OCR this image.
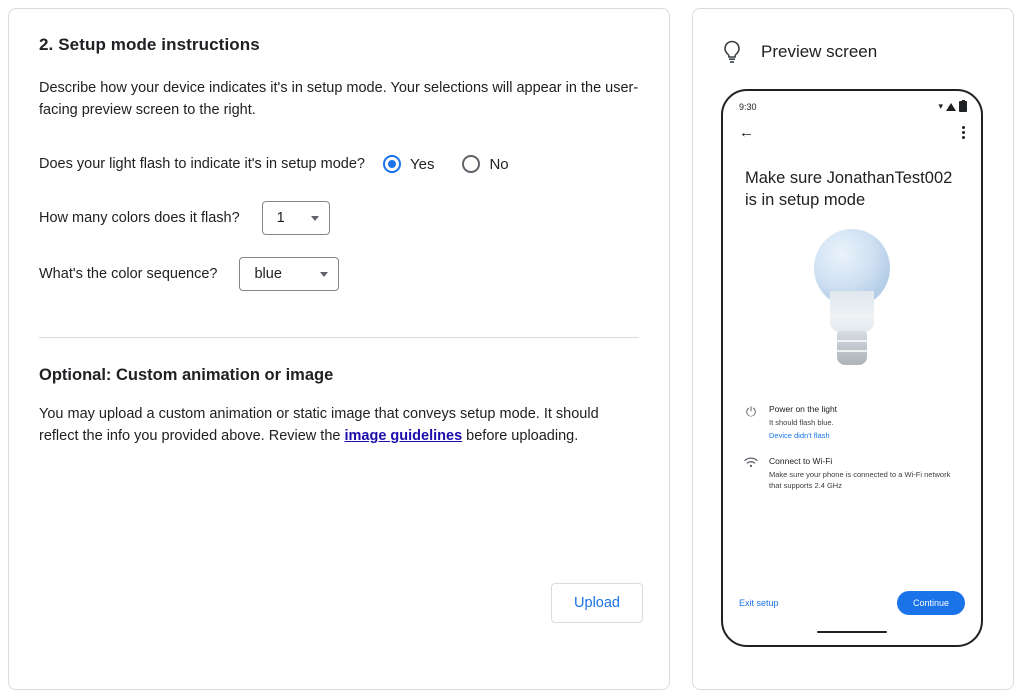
2. Setup mode instructions

Describe how your device indicates it's in setup mode. Your selections will appear in the user-facing preview screen to the right.

Does your light flash to indicate it's in setup mode?	Yes	No
How many colors does it flash?	1
What's the color sequence?	blue
Optional: Custom animation or image

You may upload a custom animation or static image that conveys setup mode. It should reflect the info you provided above. Review the image guidelines before uploading.

Upload
Preview screen
9:30	▾
←
Make sure JonathanTest002 is in setup mode
⏻	Power on the light
It should flash blue.
Device didn't flash
Connect to Wi-Fi
Make sure your phone is connected to a Wi-Fi network that supports 2.4 GHz
Exit setup	Continue
